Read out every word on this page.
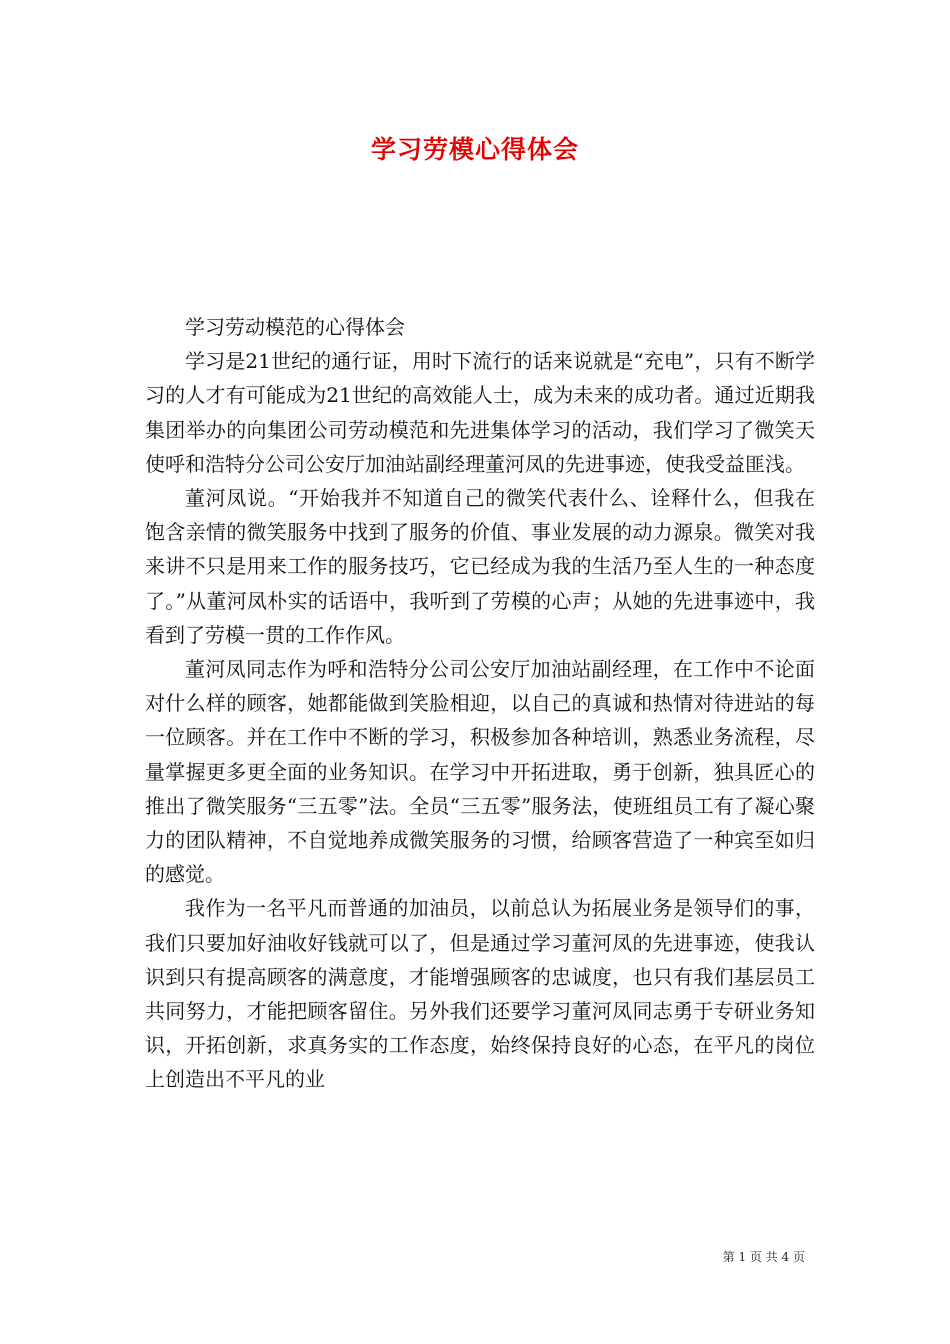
学习劳模心得体会

学习劳动模范的心得体会

学习是21世纪的通行证，用时下流行的话来说就是“充电”，只有不断学习的人才有可能成为21世纪的高效能人士，成为未来的成功者。通过近期我集团举办的向集团公司劳动模范和先进集体学习的活动，我们学习了微笑天使呼和浩特分公司公安厅加油站副经理董河凤的先进事迹，使我受益匪浅。

董河凤说。“开始我并不知道自己的微笑代表什么、诠释什么，但我在饱含亲情的微笑服务中找到了服务的价值、事业发展的动力源泉。微笑对我来讲不只是用来工作的服务技巧，它已经成为我的生活乃至人生的一种态度了。”从董河凤朴实的话语中，我听到了劳模的心声；从她的先进事迹中，我看到了劳模一贯的工作作风。

董河凤同志作为呼和浩特分公司公安厅加油站副经理，在工作中不论面对什么样的顾客，她都能做到笑脸相迎，以自己的真诚和热情对待进站的每一位顾客。并在工作中不断的学习，积极参加各种培训，熟悉业务流程，尽量掌握更多更全面的业务知识。在学习中开拓进取，勇于创新，独具匠心的推出了微笑服务“三五零”法。全员“三五零”服务法，使班组员工有了凝心聚力的团队精神，不自觉地养成微笑服务的习惯，给顾客营造了一种宾至如归的感觉。

我作为一名平凡而普通的加油员，以前总认为拓展业务是领导们的事，我们只要加好油收好钱就可以了，但是通过学习董河凤的先进事迹，使我认识到只有提高顾客的满意度，才能增强顾客的忠诚度，也只有我们基层员工共同努力，才能把顾客留住。另外我们还要学习董河凤同志勇于专研业务知识，开拓创新，求真务实的工作态度，始终保持良好的心态，在平凡的岗位上创造出不平凡的业

第 1 页 共 4 页
